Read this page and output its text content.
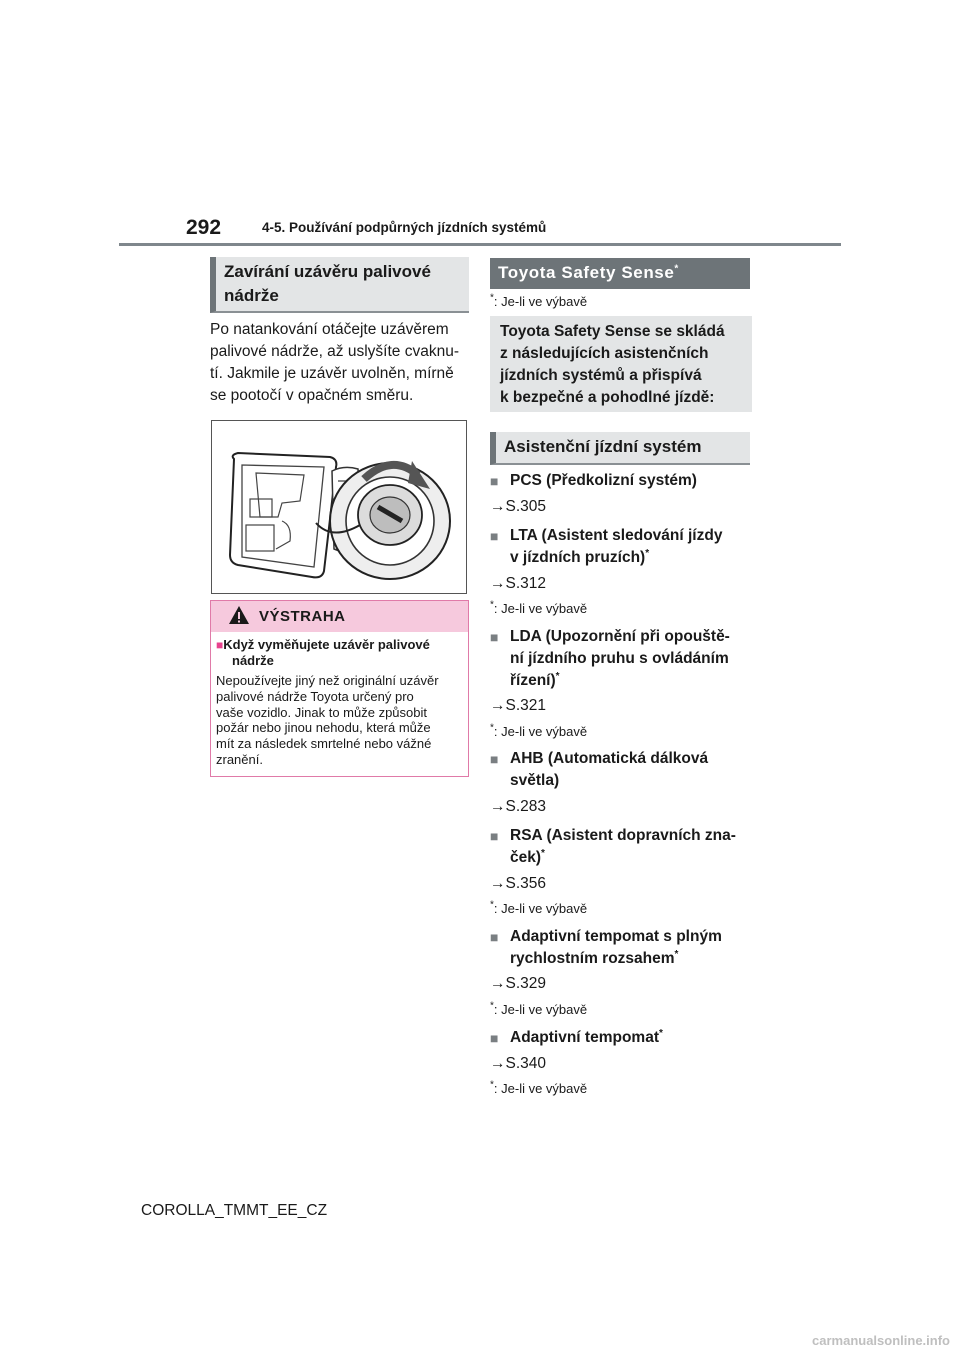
292	4-5. Používání podpůrných jízdních systémů
Zavírání uzávěru palivové
nádrže
Po natankování otáčejte uzávěrem
palivové nádrže, až uslyšíte cvaknu-
tí. Jakmile je uzávěr uvolněn, mírně
se pootočí v opačném směru.
VÝSTRAHA
■Když vyměňujete uzávěr palivové nádrže
Nepoužívejte jiný než originální uzávěr
palivové nádrže Toyota určený pro
vaše vozidlo. Jinak to může způsobit
požár nebo jinou nehodu, která může
mít za následek smrtelné nebo vážné
zranění.
Toyota Safety Sense*
*: Je-li ve výbavě
Toyota Safety Sense se skládá
z následujících asistenčních
jízdních systémů a přispívá
k bezpečné a pohodlné jízdě:
Asistenční jízdní systém
■ PCS (Předkolizní systém)
→S.305
■ LTA (Asistent sledování jízdy
v jízdních pruzích)*
→S.312
*: Je-li ve výbavě
■ LDA (Upozornění při opouště-
ní jízdního pruhu s ovládáním
řízení)*
→S.321
*: Je-li ve výbavě
■ AHB (Automatická dálková
světla)
→S.283
■ RSA (Asistent dopravních zna-
ček)*
→S.356
*: Je-li ve výbavě
■ Adaptivní tempomat s plným
rychlostním rozsahem*
→S.329
*: Je-li ve výbavě
■ Adaptivní tempomat*
→S.340
*: Je-li ve výbavě
COROLLA_TMMT_EE_CZ
carmanualsonline.info
